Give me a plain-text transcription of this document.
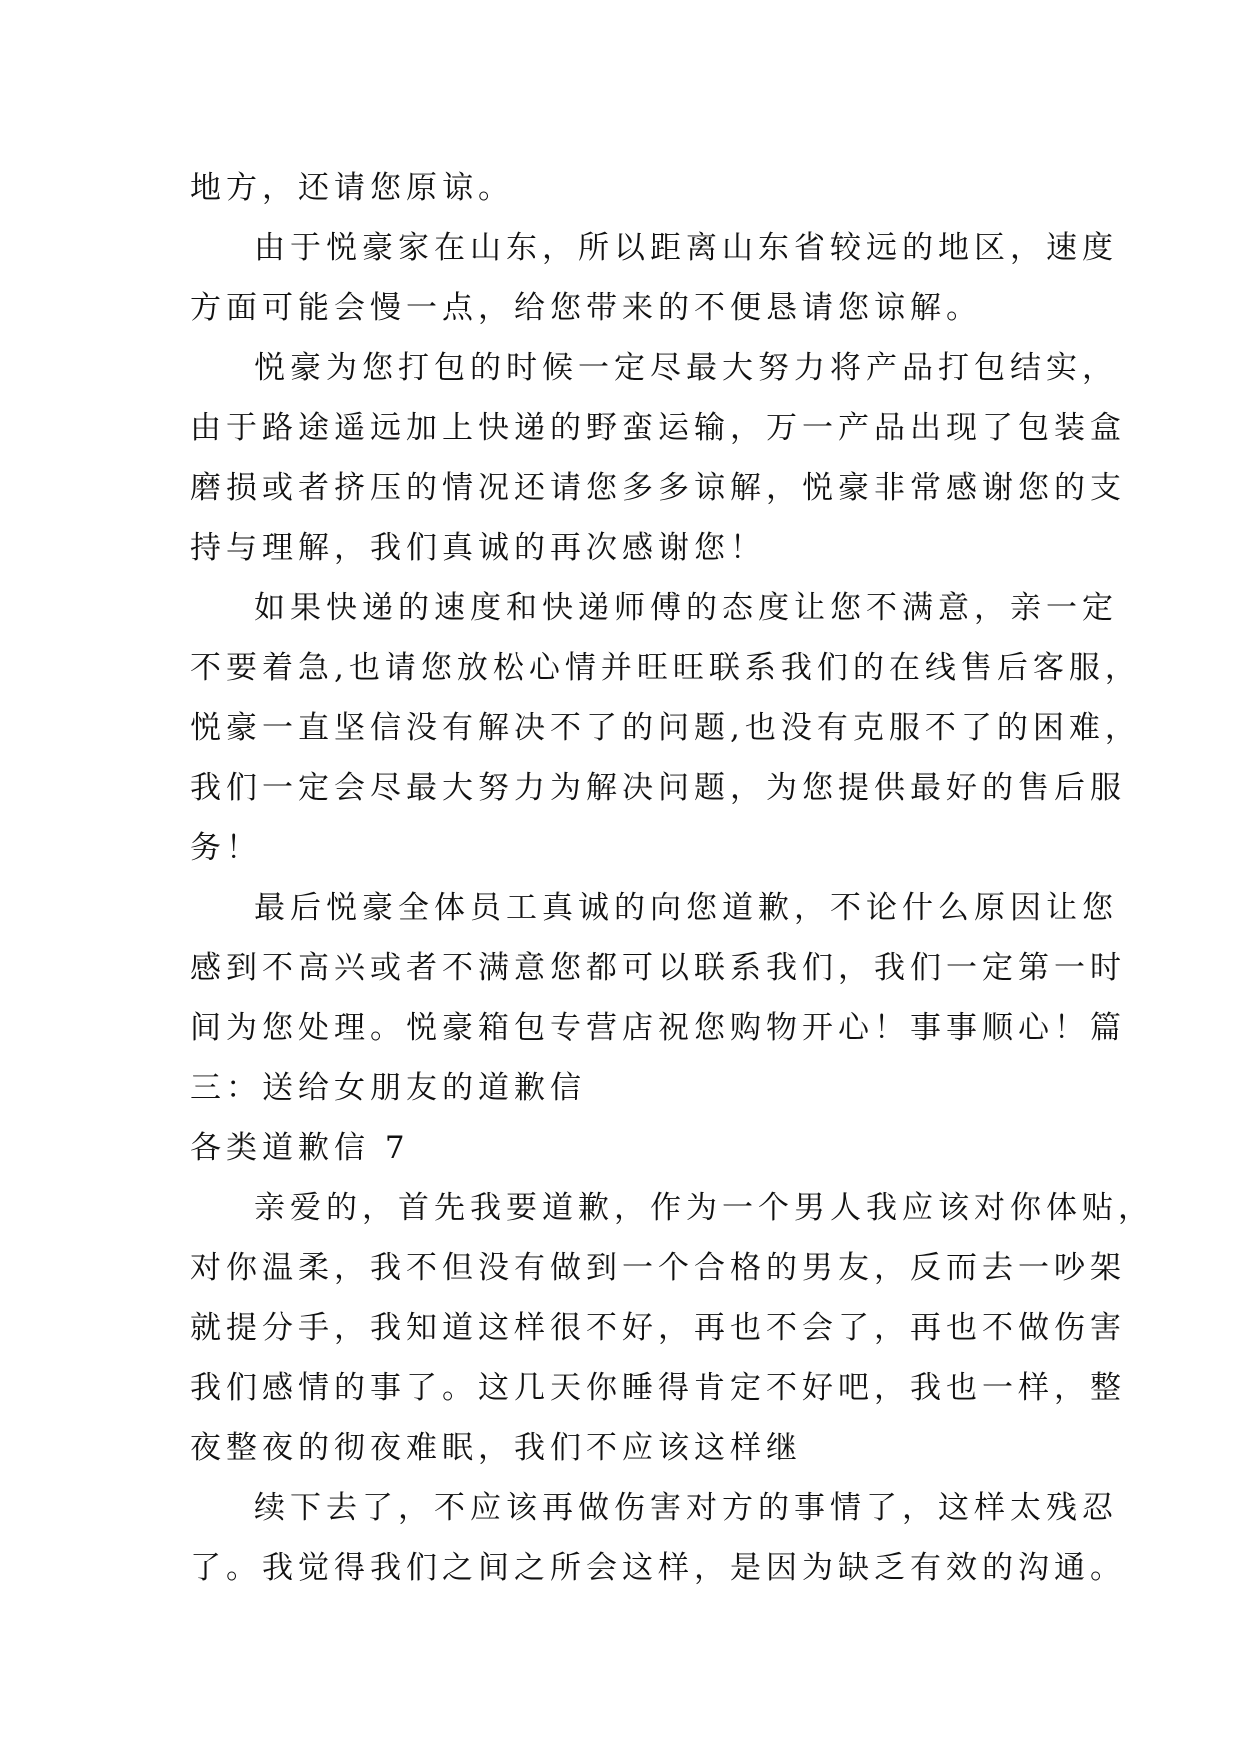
地方，还请您原谅。
由于悦豪家在山东，所以距离山东省较远的地区，速度
方面可能会慢一点，给您带来的不便恳请您谅解。
悦豪为您打包的时候一定尽最大努力将产品打包结实，
由于路途遥远加上快递的野蛮运输，万一产品出现了包装盒
磨损或者挤压的情况还请您多多谅解，悦豪非常感谢您的支
持与理解，我们真诚的再次感谢您！
如果快递的速度和快递师傅的态度让您不满意，亲一定
不要着急,也请您放松心情并旺旺联系我们的在线售后客服，
悦豪一直坚信没有解决不了的问题,也没有克服不了的困难，
我们一定会尽最大努力为解决问题，为您提供最好的售后服
务！
最后悦豪全体员工真诚的向您道歉，不论什么原因让您
感到不高兴或者不满意您都可以联系我们，我们一定第一时
间为您处理。悦豪箱包专营店祝您购物开心！事事顺心！篇
三：送给女朋友的道歉信
各类道歉信 7
亲爱的，首先我要道歉，作为一个男人我应该对你体贴，
对你温柔，我不但没有做到一个合格的男友，反而去一吵架
就提分手，我知道这样很不好，再也不会了，再也不做伤害
我们感情的事了。这几天你睡得肯定不好吧，我也一样，整
夜整夜的彻夜难眠，我们不应该这样继
续下去了，不应该再做伤害对方的事情了，这样太残忍
了。我觉得我们之间之所会这样，是因为缺乏有效的沟通。
